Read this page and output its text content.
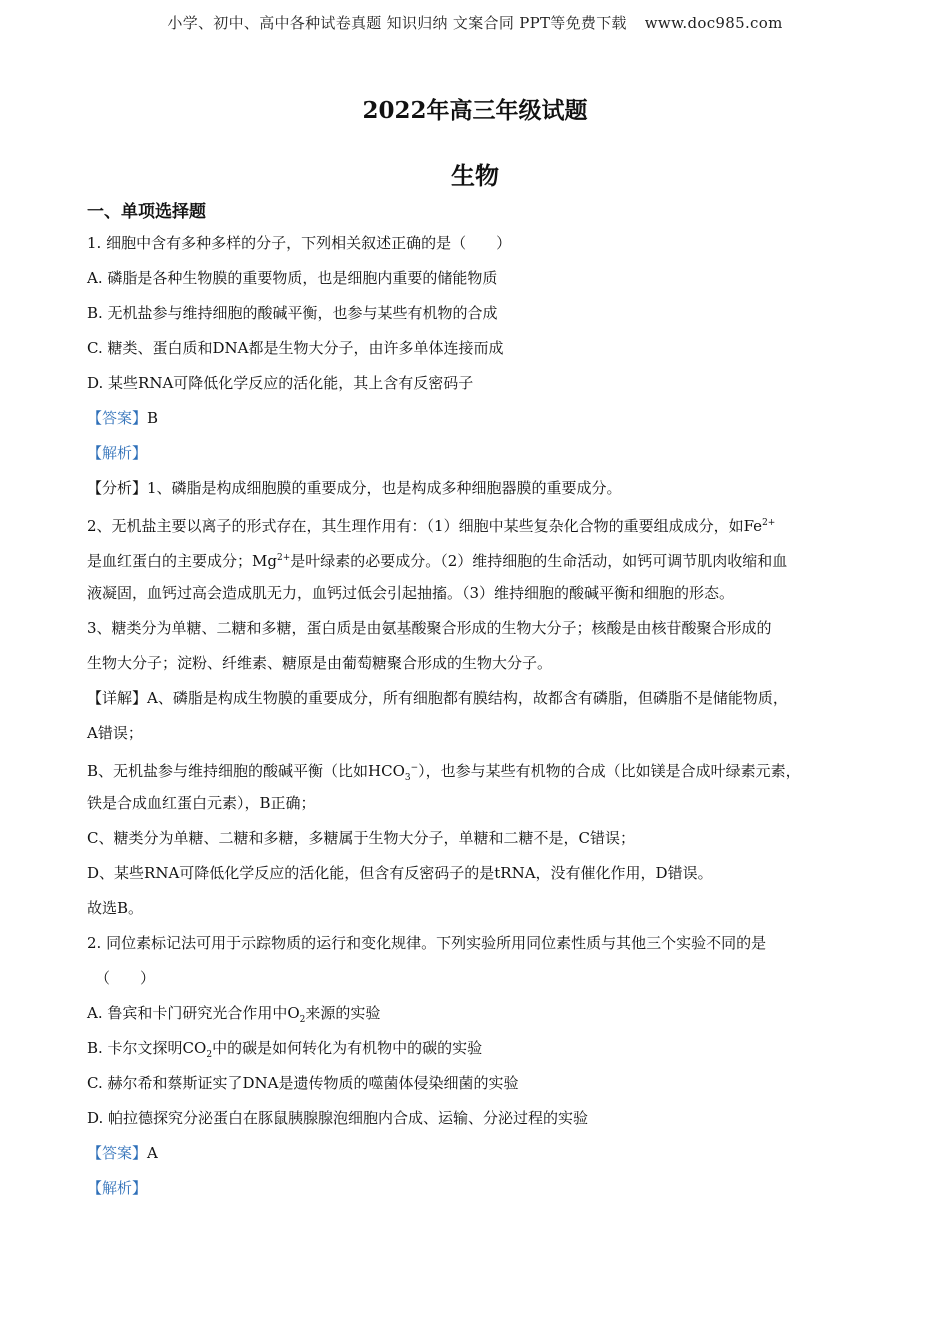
小学、初中、高中各种试卷真题 知识归纳 文案合同 PPT等免费下载 www.doc985.com
2022年高三年级试题
生物
一、单项选择题
1. 细胞中含有多种多样的分子，下列相关叙述正确的是（　　）
A. 磷脂是各种生物膜的重要物质，也是细胞内重要的储能物质
B. 无机盐参与维持细胞的酸碱平衡，也参与某些有机物的合成
C. 糖类、蛋白质和DNA都是生物大分子，由许多单体连接而成
D. 某些RNA可降低化学反应的活化能，其上含有反密码子
【答案】B
【解析】
【分析】1、磷脂是构成细胞膜的重要成分，也是构成多种细胞器膜的重要成分。
2、无机盐主要以离子的形式存在，其生理作用有：（1）细胞中某些复杂化合物的重要组成成分，如$Fe^{2+}$
是血红蛋白的主要成分；$Mg^{2+}$是叶绿素的必要成分。（2）维持细胞的生命活动，如钙可调节肌肉收缩和血
液凝固，血钙过高会造成肌无力，血钙过低会引起抽搐。（3）维持细胞的酸碱平衡和细胞的形态。
3、糖类分为单糖、二糖和多糖，蛋白质是由氨基酸聚合形成的生物大分子；核酸是由核苷酸聚合形成的
生物大分子；淀粉、纤维素、糖原是由葡萄糖聚合形成的生物大分子。
【详解】A、磷脂是构成生物膜的重要成分，所有细胞都有膜结构，故都含有磷脂，但磷脂不是储能物质，
A错误；
B、无机盐参与维持细胞的酸碱平衡（比如$HCO_3^-$），也参与某些有机物的合成（比如镁是合成叶绿素元素，
铁是合成血红蛋白元素），B正确；
C、糖类分为单糖、二糖和多糖，多糖属于生物大分子，单糖和二糖不是，C错误；
D、某些RNA可降低化学反应的活化能，但含有反密码子的是tRNA，没有催化作用，D错误。
故选B。
2. 同位素标记法可用于示踪物质的运行和变化规律。下列实验所用同位素性质与其他三个实验不同的是
（　　）
A. 鲁宾和卡门研究光合作用中$O_2$来源的实验
B. 卡尔文探明$CO_2$中的碳是如何转化为有机物中的碳的实验
C. 赫尔希和蔡斯证实了DNA是遗传物质的噬菌体侵染细菌的实验
D. 帕拉德探究分泌蛋白在豚鼠胰腺腺泡细胞内合成、运输、分泌过程的实验
【答案】A
【解析】
